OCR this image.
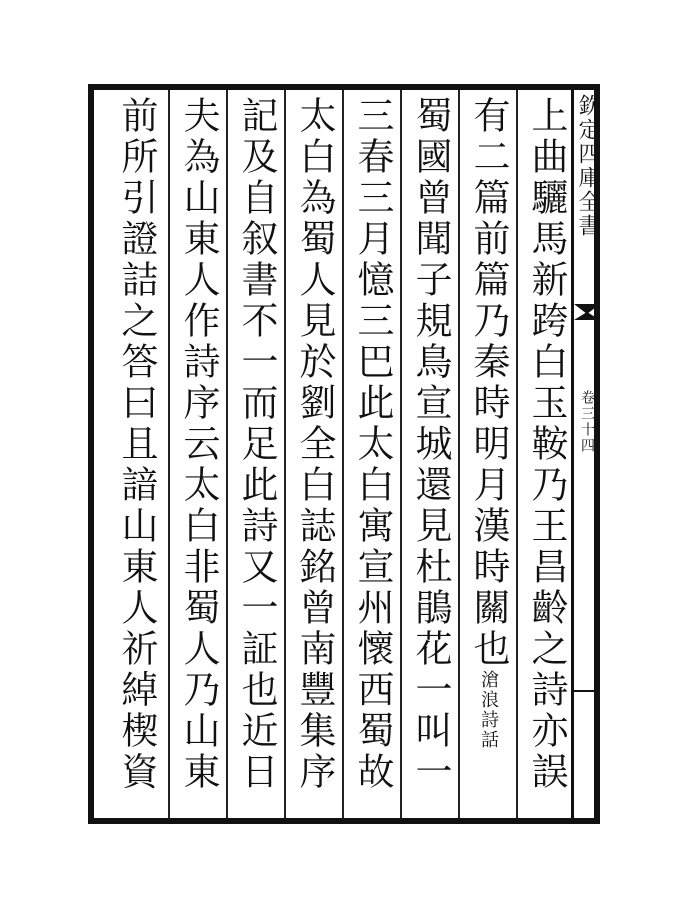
欽定四庫全書
卷三十四
上曲驪馬新跨白玉鞍乃王昌齡之詩亦誤
有二篇前篇乃秦時明月漢時關也滄浪詩話
蜀國曾聞子規鳥宣城還見杜鵑花一叫一
三春三月憶三巴此太白寓宣州懷西蜀故
太白為蜀人見於劉全白誌銘曾南豐集序
記及自叙書不一而足此詩又一証也近日
夫為山東人作詩序云太白非蜀人乃山東
前所引證詰之答曰且諳山東人祈綽楔資
